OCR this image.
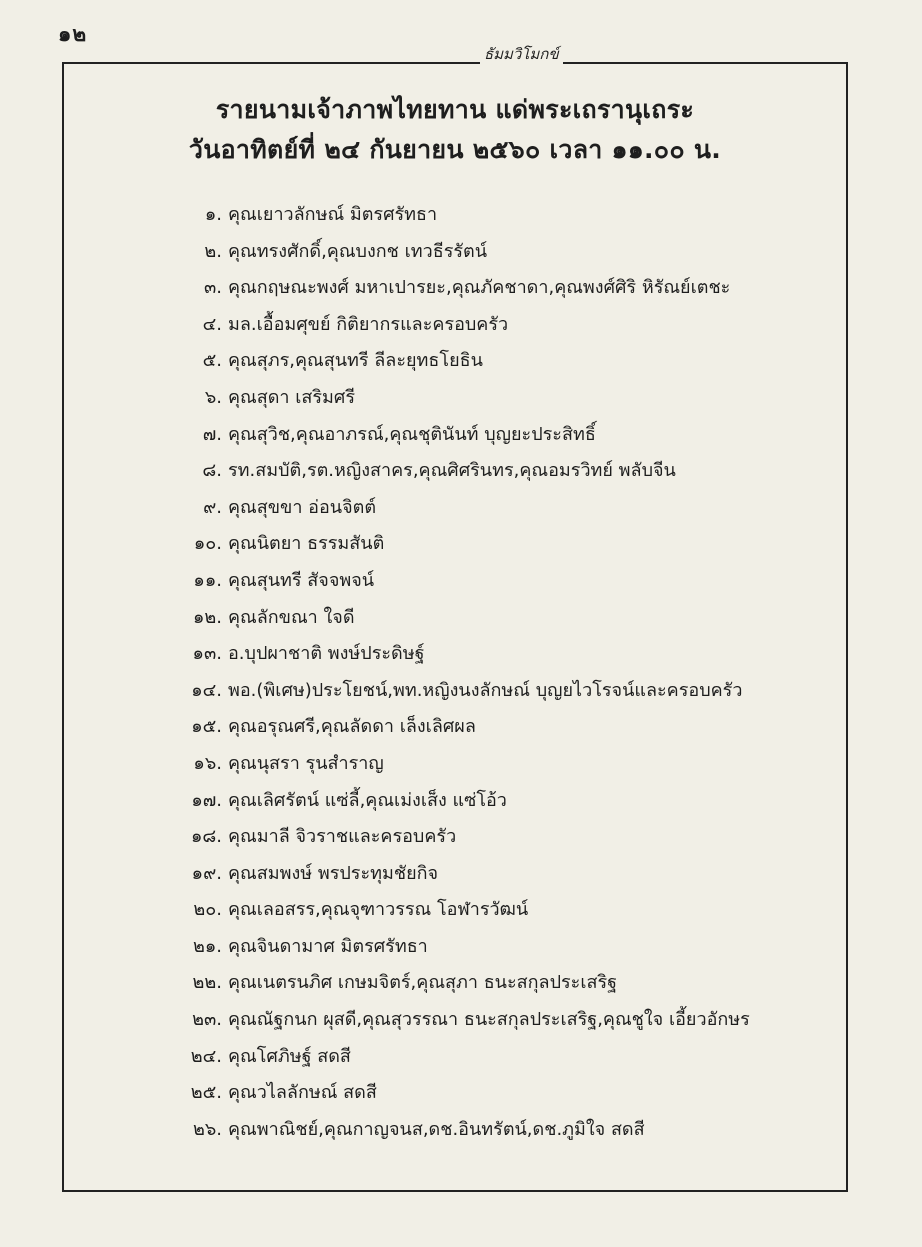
๑๒
ธัมมวิโมกข์
รายนามเจ้าภาพไทยทาน แด่พระเถรานุเถระ
วันอาทิตย์ที่ ๒๔ กันยายน ๒๕๖๐ เวลา ๑๑.๐๐ น.
๑. คุณเยาวลักษณ์ มิตรศรัทธา
๒. คุณทรงศักดิ์,คุณบงกช เทวธีรรัตน์
๓. คุณกฤษณะพงศ์ มหาเปารยะ,คุณภัคชาดา,คุณพงศ์ศิริ หิรัณย์เตชะ
๔. มล.เอื้อมศุขย์ กิติยากรและครอบครัว
๕. คุณสุภร,คุณสุนทรี ลีละยุทธโยธิน
๖. คุณสุดา เสริมศรี
๗. คุณสุวิช,คุณอาภรณ์,คุณชุตินันท์ บุญยะประสิทธิ์
๘. รท.สมบัติ,รต.หญิงสาคร,คุณศิศรินทร,คุณอมรวิทย์ พลับจีน
๙. คุณสุขขา อ่อนจิตต์
๑๐. คุณนิตยา ธรรมสันติ
๑๑. คุณสุนทรี สัจจพจน์
๑๒. คุณลักขณา ใจดี
๑๓. อ.บุปผาชาติ พงษ์ประดิษฐ์
๑๔. พอ.(พิเศษ)ประโยชน์,พท.หญิงนงลักษณ์ บุญยไวโรจน์และครอบครัว
๑๕. คุณอรุณศรี,คุณลัดดา เล็งเลิศผล
๑๖. คุณนุสรา รุนสำราญ
๑๗. คุณเลิศรัตน์ แซ่ลี้,คุณเม่งเส็ง แซ่โอ้ว
๑๘. คุณมาลี จิวราชและครอบครัว
๑๙. คุณสมพงษ์ พรประทุมชัยกิจ
๒๐. คุณเลอสรร,คุณจุฑาวรรณ โอฬารวัฒน์
๒๑. คุณจินดามาศ มิตรศรัทธา
๒๒. คุณเนตรนภิศ เกษมจิตร์,คุณสุภา ธนะสกุลประเสริฐ
๒๓. คุณณัฐกนก ผุสดี,คุณสุวรรณา ธนะสกุลประเสริฐ,คุณชูใจ เอี้ยวอักษร
๒๔. คุณโศภิษฐ์ สดสี
๒๕. คุณวไลลักษณ์ สดสี
๒๖. คุณพาณิชย์,คุณกาญจนส,ดช.อินทรัตน์,ดช.ภูมิใจ สดสี
